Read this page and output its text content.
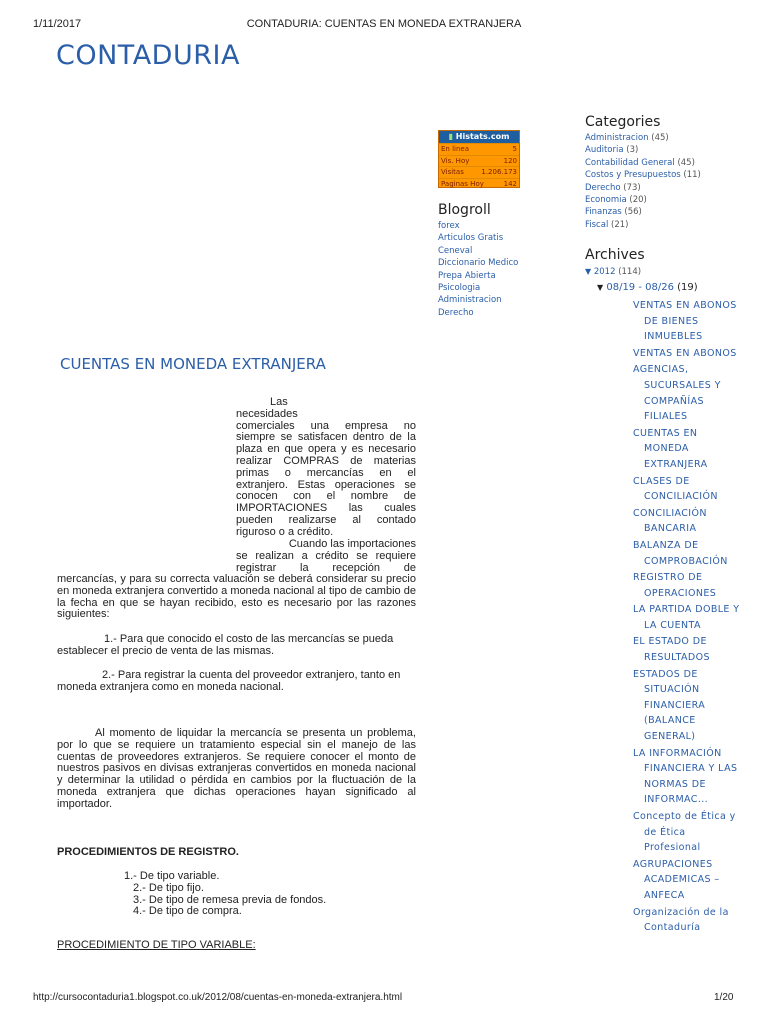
1/11/2017	CONTADURIA: CUENTAS EN MONEDA EXTRANJERA
http://cursocontaduria1.blogspot.co.uk/2012/08/cuentas-en-moneda-extranjera.html	1/20
CONTADURIA
▮ Histats.com
En linea	5
Vis. Hoy	120
Visitas	1.206.173
Paginas Hoy	142
Blogroll
forex
Articulos Gratis
Ceneval
Diccionario Medico
Prepa Abierta
Psicologia
Administracion
Derecho
Categories
Administracion (45)
Auditoria (3)
Contabilidad General (45)
Costos y Presupuestos (11)
Derecho (73)
Economia (20)
Finanzas (56)
Fiscal (21)
Archives
▼ 2012 (114)
▼ 08/19 - 08/26 (19)
VENTAS EN ABONOS DE BIENES INMUEBLES
VENTAS EN ABONOS
AGENCIAS, SUCURSALES Y COMPAÑÍAS FILIALES
CUENTAS EN MONEDA EXTRANJERA
CLASES DE CONCILIACIÓN
CONCILIACIÓN BANCARIA
BALANZA DE COMPROBACIÓN
REGISTRO DE OPERACIONES
LA PARTIDA DOBLE Y LA CUENTA
EL ESTADO DE RESULTADOS
ESTADOS DE SITUACIÓN FINANCIERA (BALANCE GENERAL)
LA INFORMACIÓN FINANCIERA Y LAS NORMAS DE INFORMAC...
Concepto de Ética y de Ética Profesional
AGRUPACIONES ACADEMICAS – ANFECA
Organización de la Contaduría
CUENTAS EN MONEDA EXTRANJERA
Las
necesidades
comerciales una empresa no
siempre se satisfacen dentro de la
plaza en que opera y es necesario
realizar COMPRAS de materias
primas o mercancías en el
extranjero. Estas operaciones se
conocen con el nombre de
IMPORTACIONES las cuales
pueden realizarse al contado
riguroso o a crédito.
Cuando las importaciones
se realizan a crédito se requiere
registrar la recepción de
mercancías, y para su correcta valuación se deberá considerar su precio en moneda extranjera convertido a moneda nacional al tipo de cambio de la fecha en que se hayan recibido, esto es necesario por las razones siguientes:
1.- Para que conocido el costo de las mercancías se pueda establecer el precio de venta de las mismas.
2.- Para registrar la cuenta del proveedor extranjero, tanto en moneda extranjera como en moneda nacional.
Al momento de liquidar la mercancía se presenta un problema, por lo que se requiere un tratamiento especial sin el manejo de las cuentas de proveedores extranjeros. Se requiere conocer el monto de nuestros pasivos en divisas extranjeras convertidos en moneda nacional y determinar la utilidad o pérdida en cambios por la fluctuación de la moneda extranjera que dichas operaciones hayan significado al importador.
PROCEDIMIENTOS DE REGISTRO.
1.- De tipo variable.
2.- De tipo fijo.
3.- De tipo de remesa previa de fondos.
4.- De tipo de compra.
PROCEDIMIENTO DE TIPO VARIABLE:
